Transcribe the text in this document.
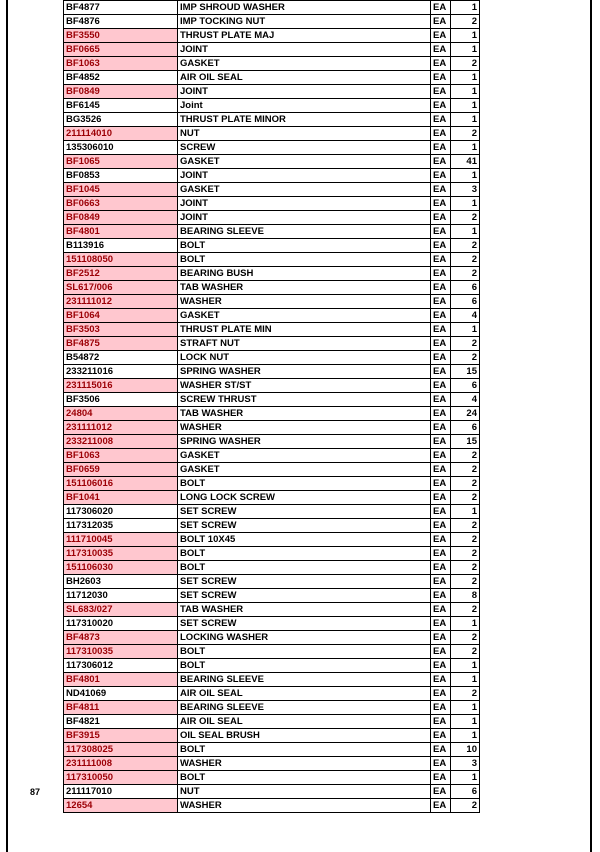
87
BF4877	IMP SHROUD WASHER	EA	1
BF4876	IMP TOCKING NUT	EA	2
BF3550	THRUST PLATE MAJ	EA	1
BF0665	JOINT	EA	1
BF1063	GASKET	EA	2
BF4852	AIR OIL SEAL	EA	1
BF0849	JOINT	EA	1
BF6145	Joint	EA	1
BG3526	THRUST PLATE MINOR	EA	1
211114010	NUT	EA	2
135306010	SCREW	EA	1
BF1065	GASKET	EA	41
BF0853	JOINT	EA	1
BF1045	GASKET	EA	3
BF0663	JOINT	EA	1
BF0849	JOINT	EA	2
BF4801	BEARING SLEEVE	EA	1
B113916	BOLT	EA	2
151108050	BOLT	EA	2
BF2512	BEARING BUSH	EA	2
SL617/006	TAB WASHER	EA	6
231111012	WASHER	EA	6
BF1064	GASKET	EA	4
BF3503	THRUST PLATE MIN	EA	1
BF4875	STRAFT NUT	EA	2
B54872	LOCK NUT	EA	2
233211016	SPRING WASHER	EA	15
231115016	WASHER ST/ST	EA	6
BF3506	SCREW THRUST	EA	4
24804	TAB WASHER	EA	24
231111012	WASHER	EA	6
233211008	SPRING WASHER	EA	15
BF1063	GASKET	EA	2
BF0659	GASKET	EA	2
151106016	BOLT	EA	2
BF1041	LONG LOCK SCREW	EA	2
117306020	SET SCREW	EA	1
117312035	SET SCREW	EA	2
111710045	BOLT 10X45	EA	2
117310035	BOLT	EA	2
151106030	BOLT	EA	2
BH2603	SET SCREW	EA	2
11712030	SET SCREW	EA	8
SL683/027	TAB WASHER	EA	2
117310020	SET SCREW	EA	1
BF4873	LOCKING WASHER	EA	2
117310035	BOLT	EA	2
117306012	BOLT	EA	1
BF4801	BEARING SLEEVE	EA	1
ND41069	AIR OIL SEAL	EA	2
BF4811	BEARING SLEEVE	EA	1
BF4821	AIR OIL SEAL	EA	1
BF3915	OIL SEAL BRUSH	EA	1
117308025	BOLT	EA	10
231111008	WASHER	EA	3
117310050	BOLT	EA	1
211117010	NUT	EA	6
12654	WASHER	EA	2
